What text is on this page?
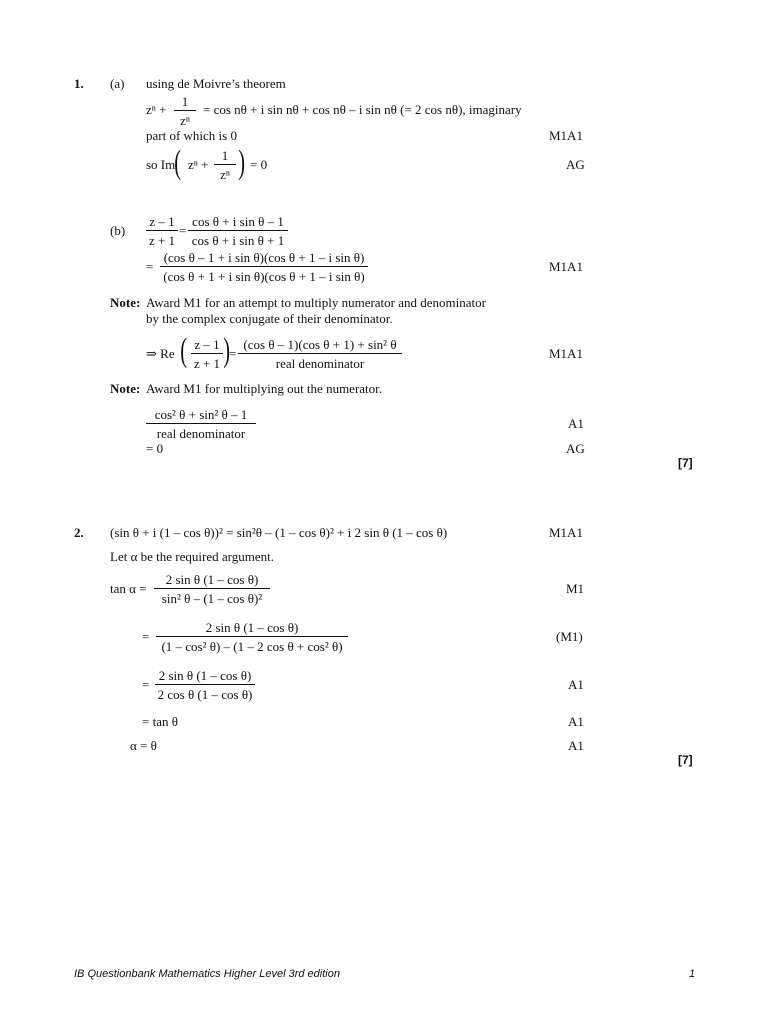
1. (a) using de Moivre’s theorem
zⁿ +
1
zⁿ
= cos nθ + i sin nθ + cos nθ – i sin nθ (= 2 cos nθ), imaginary
part of which is 0	M1A1
so Im ( zⁿ +
1
zⁿ ) = 0	AG
(b)
z – 1
z + 1
=
cos θ + i sin θ – 1
cos θ + i sin θ + 1
=
(cos θ – 1 + i sin θ)(cos θ + 1 – i sin θ)
(cos θ + 1 + i sin θ)(cos θ + 1 – i sin θ)
M1A1
Note: Award M1 for an attempt to multiply numerator and denominator
by the complex conjugate of their denominator.
⇒ Re ( z – 1
z + 1 )
=
(cos θ – 1)(cos θ + 1) + sin² θ
real denominator
M1A1
Note: Award M1 for multiplying out the numerator.
cos² θ + sin² θ – 1
real denominator
A1
= 0	AG
[7]
2. (sin θ + i (1 – cos θ))² = sin²θ – (1 – cos θ)² + i 2 sin θ (1 – cos θ)	M1A1
Let α be the required argument.
tan α =
2 sin θ (1 – cos θ)
sin² θ – (1 – cos θ)²
M1
=
2 sin θ (1 – cos θ)
(1 – cos² θ) – (1 – 2 cos θ + cos² θ)
(M1)
=
2 sin θ (1 – cos θ)
2 cos θ (1 – cos θ)
A1
= tan θ	A1
α = θ	A1
[7]
IB Questionbank Mathematics Higher Level 3rd edition	1
